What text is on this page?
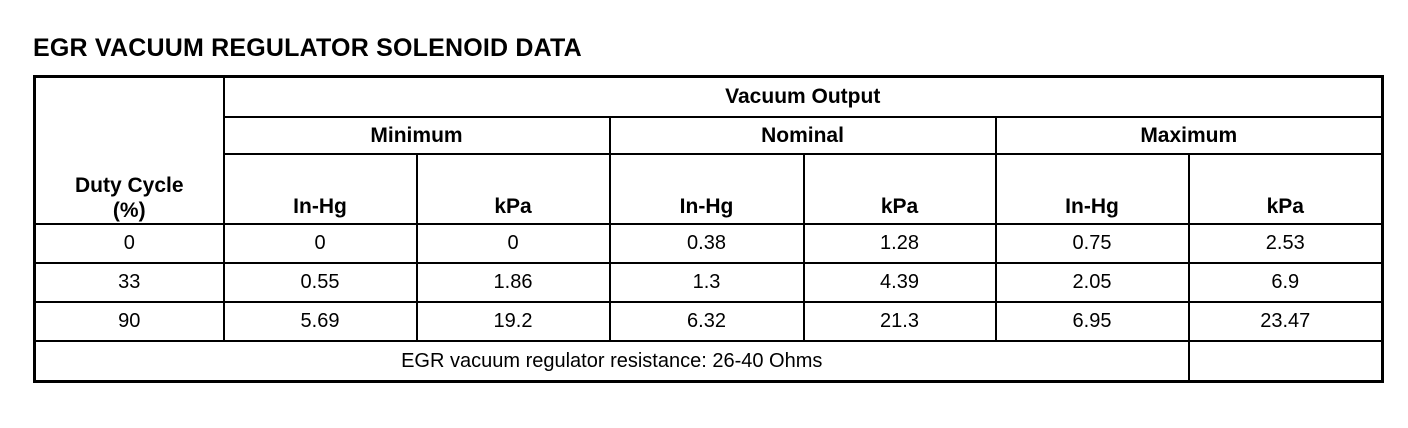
EGR VACUUM REGULATOR SOLENOID DATA
Duty Cycle
(%)	Vacuum Output					
	Minimum		Nominal		Maximum	
	In-Hg	kPa	In-Hg	kPa	In-Hg	kPa
0	0	0	0.38	1.28	0.75	2.53
33	0.55	1.86	1.3	4.39	2.05	6.9
90	5.69	19.2	6.32	21.3	6.95	23.47
EGR vacuum regulator resistance: 26-40 Ohms						
